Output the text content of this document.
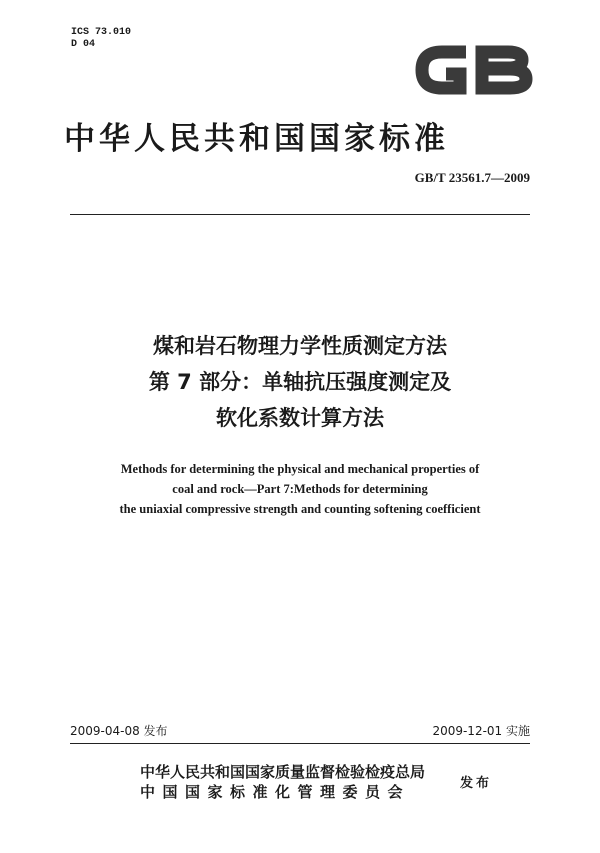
ICS 73.010
D 04
中华人民共和国国家标准
GB/T 23561.7—2009
煤和岩石物理力学性质测定方法
第 7 部分：单轴抗压强度测定及
软化系数计算方法
Methods for determining the physical and mechanical properties of
coal and rock—Part 7:Methods for determining
the uniaxial compressive strength and counting softening coefficient
2009-04-08 发布	2009-12-01 实施
中华人民共和国国家质量监督检验检疫总局
中国国家标准化管理委员会	发布
